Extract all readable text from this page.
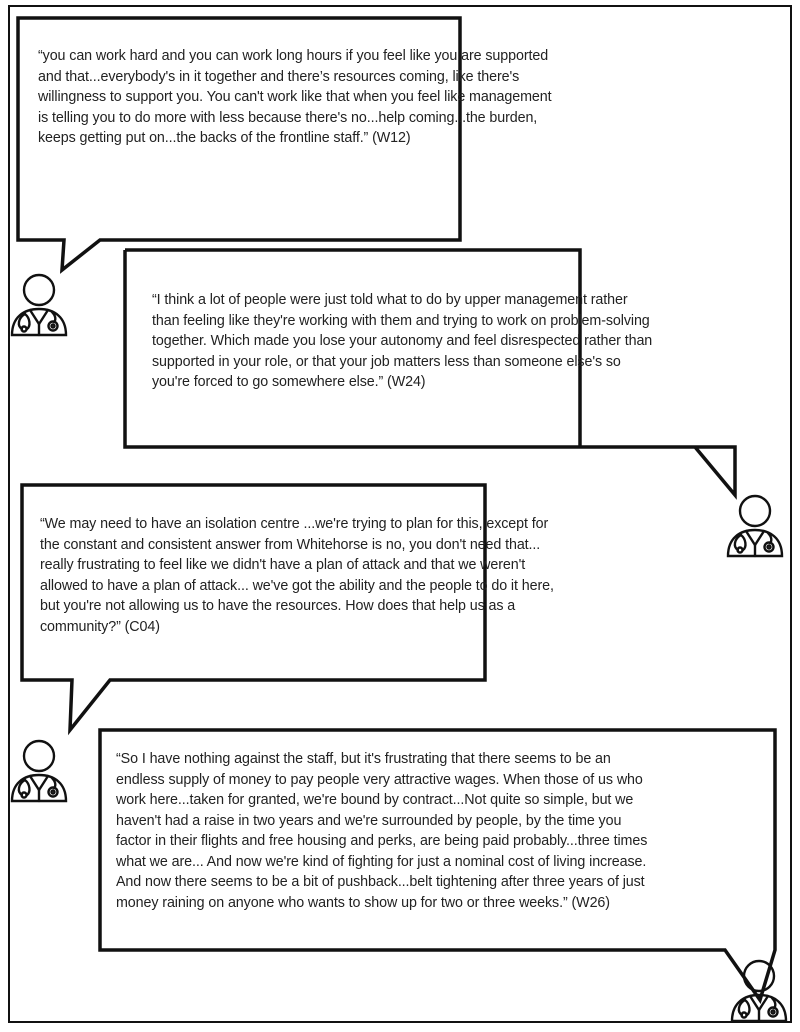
“you can work hard and you can work long hours if you feel like you are supported
and that...everybody's in it together and there’s resources coming, like there's
willingness to support you. You can't work like that when you feel like management
is telling you to do more with less because there's no...help coming...the burden,
keeps getting put on...the backs of the frontline staff.” (W12)
“I think a lot of people were just told what to do by upper management rather
than feeling like they're working with them and trying to work on problem-solving
together. Which made you lose your autonomy and feel disrespected rather than
supported in your role, or that your job matters less than someone else's so
you're forced to go somewhere else.” (W24)
“We may need to have an isolation centre ...we're trying to plan for this, except for
the constant and consistent answer from Whitehorse is no, you don't need that...
really frustrating to feel like we didn't have a plan of attack and that we weren't
allowed to have a plan of attack... we've got the ability and the people to do it here,
but you're not allowing us to have the resources. How does that help us as a
community?” (C04)
“So I have nothing against the staff, but it's frustrating that there seems to be an
endless supply of money to pay people very attractive wages. When those of us who
work here...taken for granted, we're bound by contract...Not quite so simple, but we
haven't had a raise in two years and we're surrounded by people, by the time you
factor in their flights and free housing and perks, are being paid probably...three times
what we are... And now we're kind of fighting for just a nominal cost of living increase.
And now there seems to be a bit of pushback...belt tightening after three years of just
money raining on anyone who wants to show up for two or three weeks.” (W26)
